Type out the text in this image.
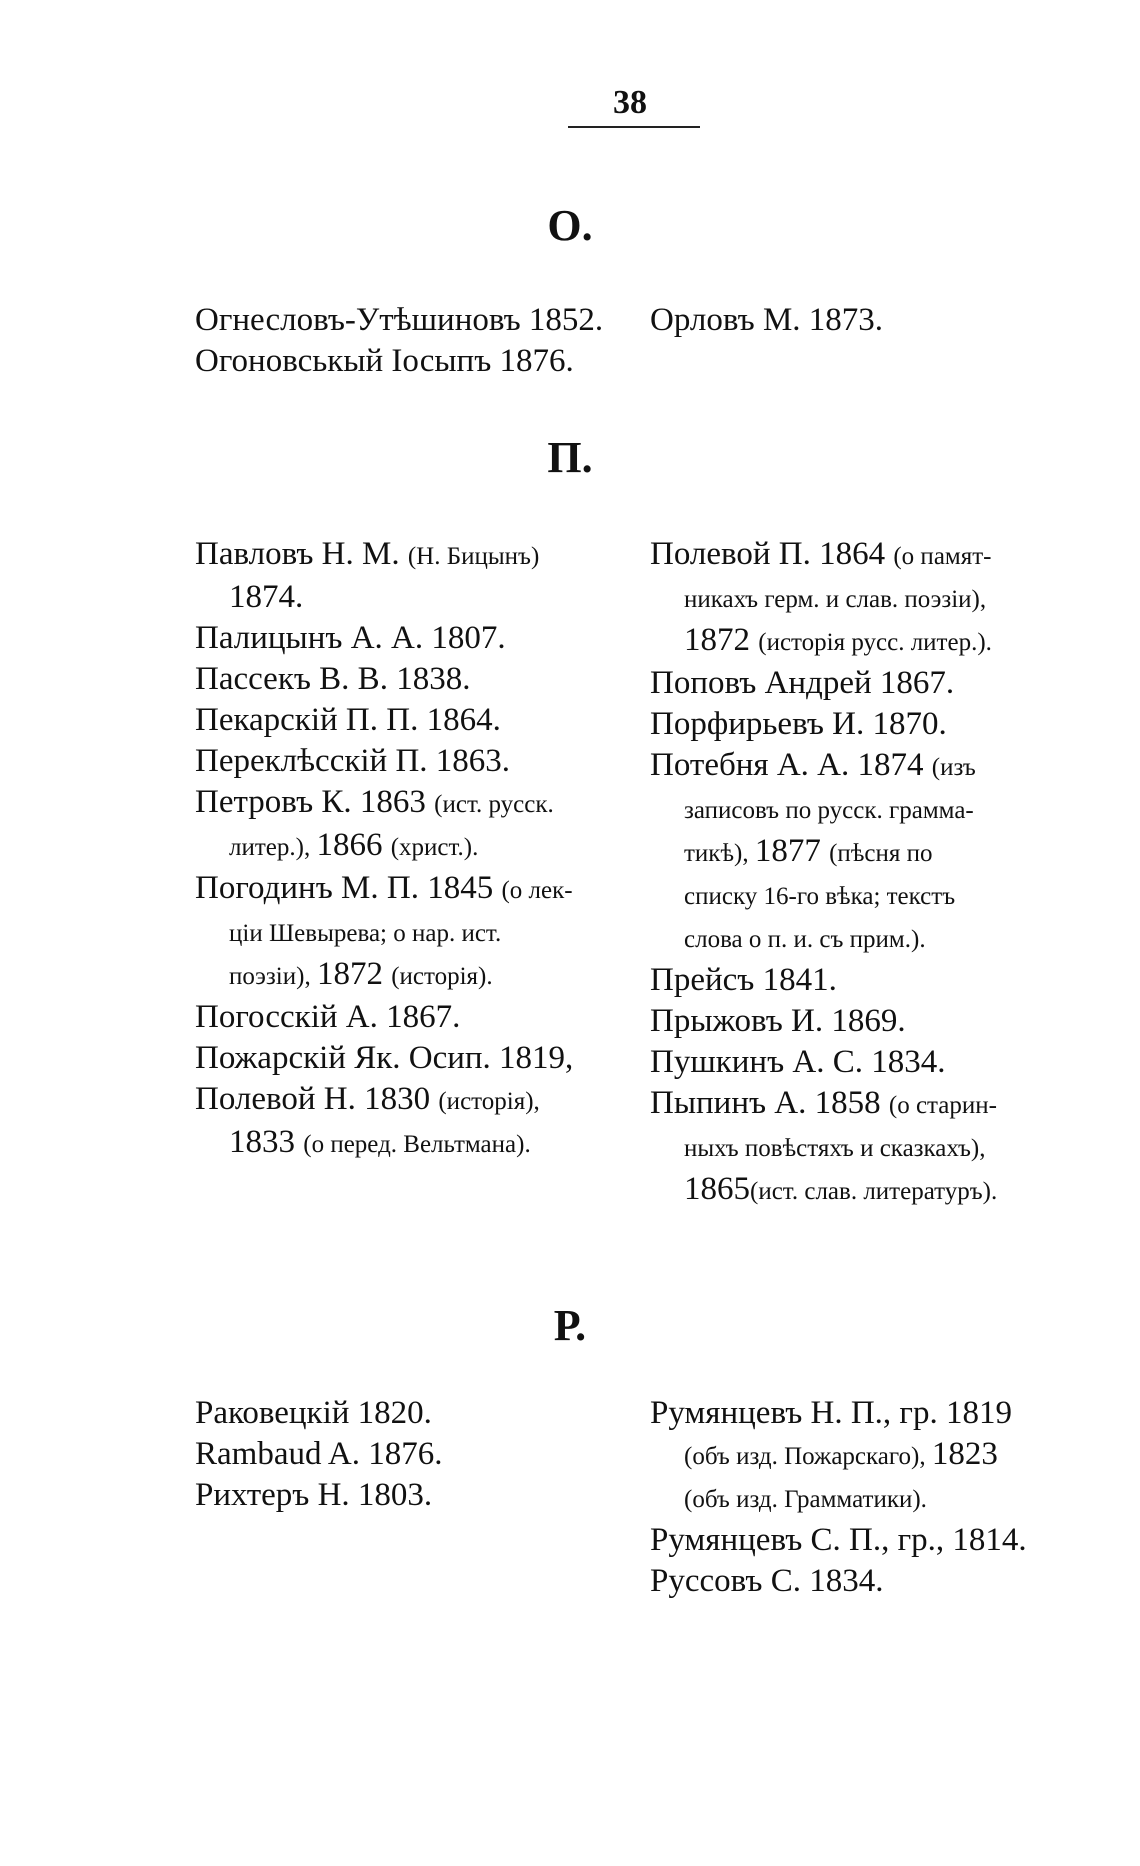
38
О.
Огнесловъ-Утѣшиновъ 1852.
Огоновськый Іосыпъ 1876.
Орловъ М. 1873.
П.
Павловъ Н. М. (Н. Бицынъ)
1874.
Палицынъ А. А. 1807.
Пассекъ В. В. 1838.
Пекарскій П. П. 1864.
Переклѣсскій П. 1863.
Петровъ К. 1863 (ист. русск.
литер.), 1866 (христ.).
Погодинъ М. П. 1845 (о лек-
ціи Шевырева; о нар. ист.
поэзіи), 1872 (исторія).
Погосскій А. 1867.
Пожарскій Як. Осип. 1819,
Полевой Н. 1830 (исторія),
1833 (о перед. Вельтмана).
Полевой П. 1864 (о памят-
никахъ герм. и слав. поэзіи),
1872 (исторія русс. литер.).
Поповъ Андрей 1867.
Порфирьевъ И. 1870.
Потебня А. А. 1874 (изъ
записовъ по русск. грамма-
тикѣ), 1877 (пѣсня по
списку 16-го вѣка; текстъ
слова о п. и. съ прим.).
Прейсъ 1841.
Прыжовъ И. 1869.
Пушкинъ А. С. 1834.
Пыпинъ А. 1858 (о старин-
ныхъ повѣстяхъ и сказкахъ),
1865(ист. слав. литературъ).
Р.
Раковецкій 1820.
Rambaud A. 1876.
Рихтеръ Н. 1803.
Румянцевъ Н. П., гр. 1819
(объ изд. Пожарскаго), 1823
(объ изд. Грамматики).
Румянцевъ С. П., гр., 1814.
Руссовъ С. 1834.
